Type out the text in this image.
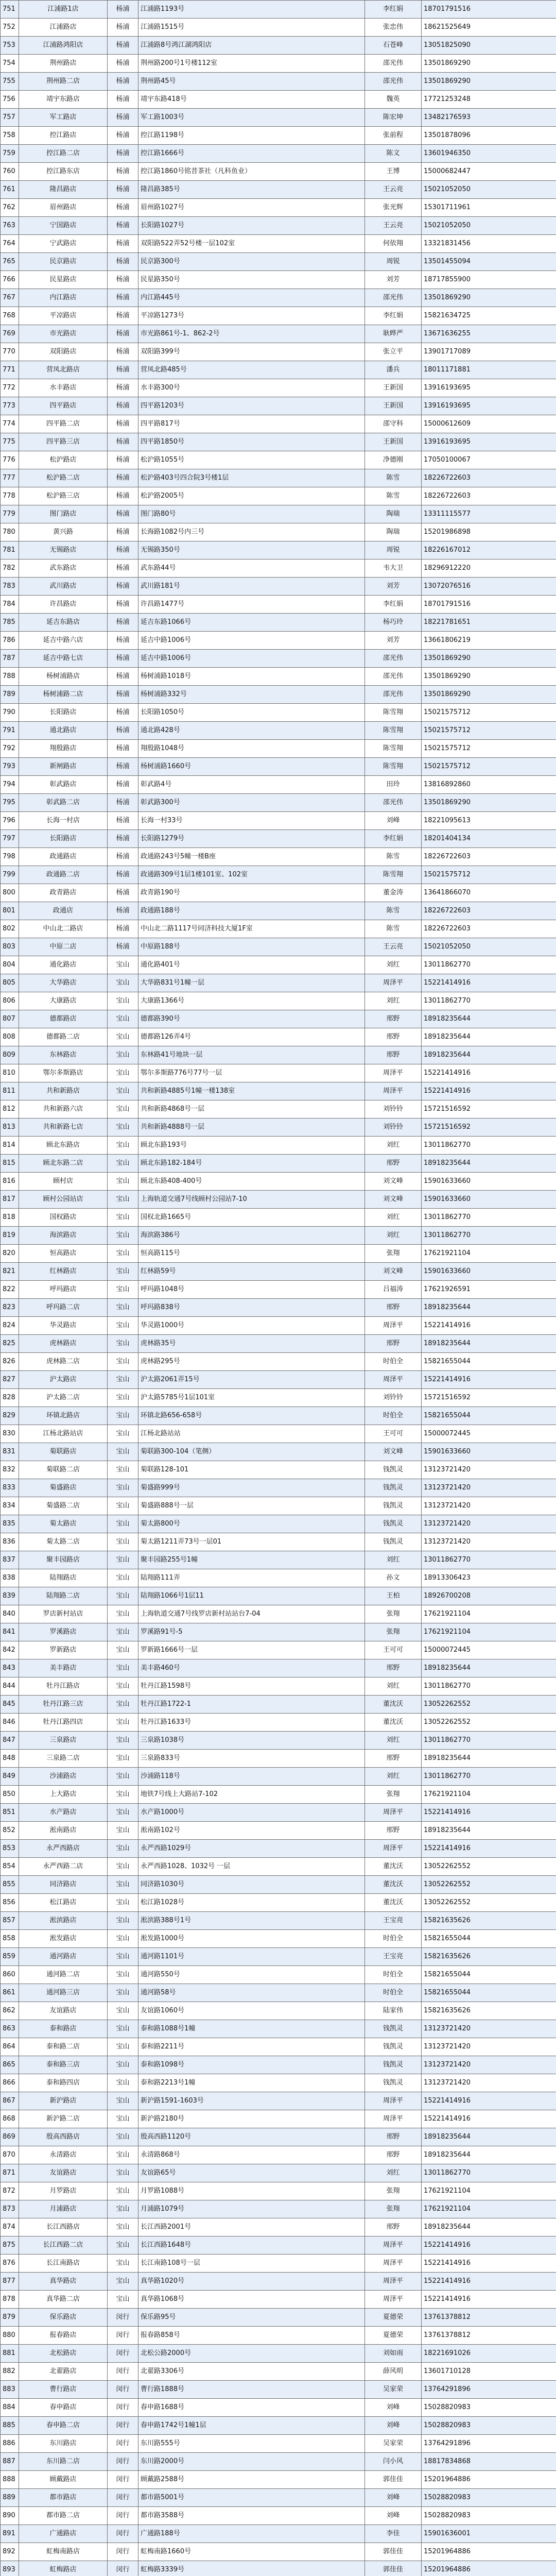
751	江浦路1店	杨浦	江浦路1193号	李红娟	18701791516
752	江浦路店	杨浦	江浦路1515号	张忠伟	18621525649
753	江浦路鸿阳店	杨浦	江浦路8号鸿江湖鸿阳店	石苍峰	13051825090
754	荆州路店	杨浦	荆州路200号1号楼112室	邵光伟	13501869290
755	荆州路二店	杨浦	荆州路45号	邵光伟	13501869290
756	靖宇东路店	杨浦	靖宇东路418号	魏英	17721253248
757	军工路店	杨浦	军工路1003号	陈宏坤	13482176593
758	控江路店	杨浦	控江路1198号	张前程	13501878096
759	控江路二店	杨浦	控江路1666号	陈文	13601946350
760	控江路东店	杨浦	控江路1860号铭昔茶社（凡科鱼业）	王博	15000682447
761	隆昌路店	杨浦	隆昌路385号	王云亮	15021052050
762	眉州路店	杨浦	眉州路1027号	张光辉	15301711961
763	宁国路店	杨浦	长阳路1027号	王云亮	15021052050
764	宁武路店	杨浦	双阳路522弄52号楼一层102室	何依翔	13321831456
765	民京路店	杨浦	民京路300号	周锐	13501455094
766	民星路店	杨浦	民星路350号	刘芳	18717855900
767	内江路店	杨浦	内江路445号	邵光伟	13501869290
768	平凉路店	杨浦	平凉路1273号	李红娟	15821634725
769	市光路店	杨浦	市光路861号-1、862-2号	耿晔严	13671636255
770	双阳路店	杨浦	双阳路399号	张立平	13901717089
771	营凤北路店	杨浦	营凤北路485号	潘兵	18011171881
772	水丰路店	杨浦	水丰路300号	王新国	13916193695
773	四平路店	杨浦	四平路1203号	王新国	13916193695
774	四平路二店	杨浦	四平路817号	邵守科	15000612609
775	四平路三店	杨浦	四平路1850号	王新国	13916193695
776	松沪路店	杨浦	松沪路1055号	净德刚	17050100067
777	松沪路二店	杨浦	松沪路403号四合院3号楼1层	陈雪	18226722603
778	松沪路三店	杨浦	松沪路2005号	陈雪	18226722603
779	图门路店	杨浦	图门路80号	陶瑞	13311115577
780	黄兴路	杨浦	长海路1082号内三号	陶瑞	15201986898
781	无锡路店	杨浦	无锡路350号	周锐	18226167012
782	武东路店	杨浦	武东路44号	韦大卫	18296912220
783	武川路店	杨浦	武川路181号	刘芳	13072076516
784	许昌路店	杨浦	许昌路1477号	李红娟	18701791516
785	延吉东路店	杨浦	延吉东路1066号	杨巧玲	18221781651
786	延吉中路六店	杨浦	延吉中路1006号	刘芳	13661806219
787	延吉中路七店	杨浦	延吉中路1006号	邵光伟	13501869290
788	杨树浦路店	杨浦	杨树浦路1018号	邵光伟	13501869290
789	杨树浦路二店	杨浦	杨树浦路332号	邵光伟	13501869290
790	长阳路店	杨浦	长阳路1050号	陈雪翔	15021575712
791	通北路店	杨浦	通北路428号	陈雪翔	15021575712
792	翔殷路店	杨浦	翔殷路1048号	陈雪翔	15021575712
793	新闸路店	杨浦	杨树浦路1660号	陈雪翔	15021575712
794	彰武路店	杨浦	彰武路4号	田玲	13816892860
795	彰武路二店	杨浦	彰武路300号	邵光伟	13501869290
796	长海一村店	杨浦	长海一村33号	刘峰	18221095613
797	长阳路店	杨浦	长阳路1279号	李红娟	18201404134
798	政通路店	杨浦	政通路243号5幢一楼B座	陈雪	18226722603
799	政通路二店	杨浦	政通路309号1层1楼101室、102室	陈雪翔	15021575712
800	政青路店	杨浦	政青路190号	董金涛	13641866070
801	政通店	杨浦	政通路188号	陈雪	18226722603
802	中山北二路店	杨浦	中山北二路1117号同济科技大厦1F室	陈雪	18226722603
803	中原二店	杨浦	中原路188号	王云亮	15021052050
804	通化路店	宝山	通化路401号	刘红	13011862770
805	大华路店	宝山	大华路831号1幢一层	周泽平	15221414916
806	大康路店	宝山	大康路1366号	刘红	13011862770
807	德都路店	宝山	德都路390号	邢野	18918235644
808	德都路二店	宝山	德都路126弄4号	邢野	18918235644
809	东林路店	宝山	东林路41号地块一层	邢野	18918235644
810	鄂尔多斯路店	宝山	鄂尔多斯路776号77号一层	周泽平	15221414916
811	共和新路店	宝山	共和新路4885号1幢一楼138室	周泽平	15221414916
812	共和新路六店	宝山	共和新路4868号一层	刘铃铃	15721516592
813	共和新路七店	宝山	共和新路4888号一层	刘铃铃	15721516592
814	顾北东路店	宝山	顾北东路193号	刘红	13011862770
815	顾北东路二店	宝山	顾北东路182-184号	邢野	18918235644
816	顾村店	宝山	顾北东路408-400号	刘文峰	15901633660
817	顾村公园站店	宝山	上海轨道交通7号线顾村公园站7-10	刘文峰	15901633660
818	国权路店	宝山	国权北路1665号	刘红	13011862770
819	海滨路店	宝山	海滨路386号	刘红	13011862770
820	恒高路店	宝山	恒高路115号	张翔	17621921104
821	红林路店	宝山	红林路59号	刘文峰	15901633660
822	呼玛路店	宝山	呼玛路1048号	吕福涛	17621926591
823	呼玛路二店	宝山	呼玛路838号	邢野	18918235644
824	华灵路店	宝山	华灵路1000号	周泽平	15221414916
825	虎林路店	宝山	虎林路35号	邢野	18918235644
826	虎林路二店	宝山	虎林路295号	时伯全	15821655044
827	沪太路店	宝山	沪太路2061弄15号	周泽平	15221414916
828	沪太路二店	宝山	沪太路5785号1层101室	刘铃铃	15721516592
829	环镇北路店	宝山	环镇北路656-658号	时伯全	15821655044
830	江杨北路站店	宝山	江杨北路站站	王可可	15000072445
831	菊联路店	宝山	菊联路300-104（笔侧）	刘文峰	15901633660
832	菊联路二店	宝山	菊联路128-101	钱凯灵	13123721420
833	菊盛路店	宝山	菊盛路999号	钱凯灵	13123721420
834	菊盛路二店	宝山	菊盛路888号一层	钱凯灵	13123721420
835	菊太路店	宝山	菊太路800号	钱凯灵	13123721420
836	菊太路二店	宝山	菊太路1211弄73号一层01	钱凯灵	13123721420
837	聚丰园路店	宝山	聚丰园路255号1幢	刘红	13011862770
838	陆翔路店	宝山	陆翔路111弄	孙文	18913306423
839	陆翔路二店	宝山	陆翔路1066号1层11	王柏	18926700208
840	罗店新村站店	宝山	上海轨道交通7号线罗店新村站站台7-04	张翔	17621921104
841	罗溪路店	宝山	罗溪路91号-5	张翔	17621921104
842	罗新路店	宝山	罗新路1666号一层	王可可	15000072445
843	美丰路店	宝山	美丰路460号	邢野	18918235644
844	牡丹江路店	宝山	牡丹江路1598号	刘红	13011862770
845	牡丹江路三店	宝山	牡丹江路1722-1	董沈沃	13052262552
846	牡丹江路四店	宝山	牡丹江路1633号	董沈沃	13052262552
847	三泉路店	宝山	三泉路1038号	刘红	13011862770
848	三泉路二店	宝山	三泉路833号	邢野	18918235644
849	沙浦路店	宝山	沙浦路118号	刘红	13011862770
850	上大路店	宝山	地铁7号线上大路站7-102	张翔	17621921104
851	水产路店	宝山	水产路1000号	周泽平	15221414916
852	淞南路店	宝山	淞南路102号	邢野	18918235644
853	永严西路店	宝山	永严西路1029号	周泽平	15221414916
854	永严西路二店	宝山	永严西路1028、1032号 一层	董沈沃	13052262552
855	同济路店	宝山	同济路1030号	董沈沃	13052262552
856	松江路店	宝山	松江路1028号	董沈沃	13052262552
857	淞滨路店	宝山	淞滨路388号1号	王宝亮	15821635626
858	淞发路店	宝山	淞发路1000号	时伯全	15821655044
859	通河路店	宝山	通河路1101号	王宝亮	15821635626
860	通河路二店	宝山	通河路550号	时伯全	15821655044
861	通河路三店	宝山	通河路58号	时伯全	15821655044
862	友谊路店	宝山	友谊路1060号	陆家伟	15821635626
863	泰和路店	宝山	泰和路1088号1幢	钱凯灵	13123721420
864	泰和路二店	宝山	泰和路2211号	钱凯灵	13123721420
865	泰和路三店	宝山	泰和路1098号	钱凯灵	13123721420
866	泰和路四店	宝山	泰和路2213号1幢	钱凯灵	13123721420
867	新沪路店	宝山	新沪路1591-1603号	周泽平	15221414916
868	新沪路二店	宝山	新沪路2180号	周泽平	15221414916
869	殷高西路店	宝山	殷高西路1120号	邢野	18918235644
870	永清路店	宝山	永清路868号	邢野	18918235644
871	友谊路店	宝山	友谊路65号	刘红	13011862770
872	月罗路店	宝山	月罗路1088号	张翔	17621921104
873	月浦路店	宝山	月浦路1079号	张翔	17621921104
874	长江西路店	宝山	长江西路2001号	邢野	18918235644
875	长江西路二店	宝山	长江西路1648号	周泽平	15221414916
876	长江南路店	宝山	长江南路108号一层	周泽平	15221414916
877	真华路店	宝山	真华路1020号	周泽平	15221414916
878	真华路二店	宝山	真华路1068号	周泽平	15221414916
879	保乐路店	闵行	保乐路95号	夏德荣	13761378812
880	报春路店	闵行	报春路858号	夏德荣	13761378812
881	北松路店	闵行	北松公路2000号	刘如雨	18221691026
882	北翟路店	闵行	北翟路3306号	薛风明	13601710128
883	曹行路店	闵行	曹行路1888号	吴家荣	13764291896
884	春申路店	闵行	春申路1688号	刘峰	15028820983
885	春申路二店	闵行	春申路1742号1幢1层	刘峰	15028820983
886	东川路店	闵行	东川路555号	吴家荣	13764291896
887	东川路二店	闵行	东川路2000号	闫小风	18817834868
888	顾戴路店	闵行	顾戴路2588号	郭佳佳	15201964886
889	都市路店	闵行	都市路5001号	刘峰	15028820983
890	都市路二店	闵行	都市路3588号	刘峰	15028820983
891	广通路店	闵行	广通路188号	李佳	15901636001
892	虹梅南路店	闵行	虹梅南路1660号	郭佳佳	15201964886
893	虹梅路店	闵行	虹梅路3339号	郭佳佳	15201964886
